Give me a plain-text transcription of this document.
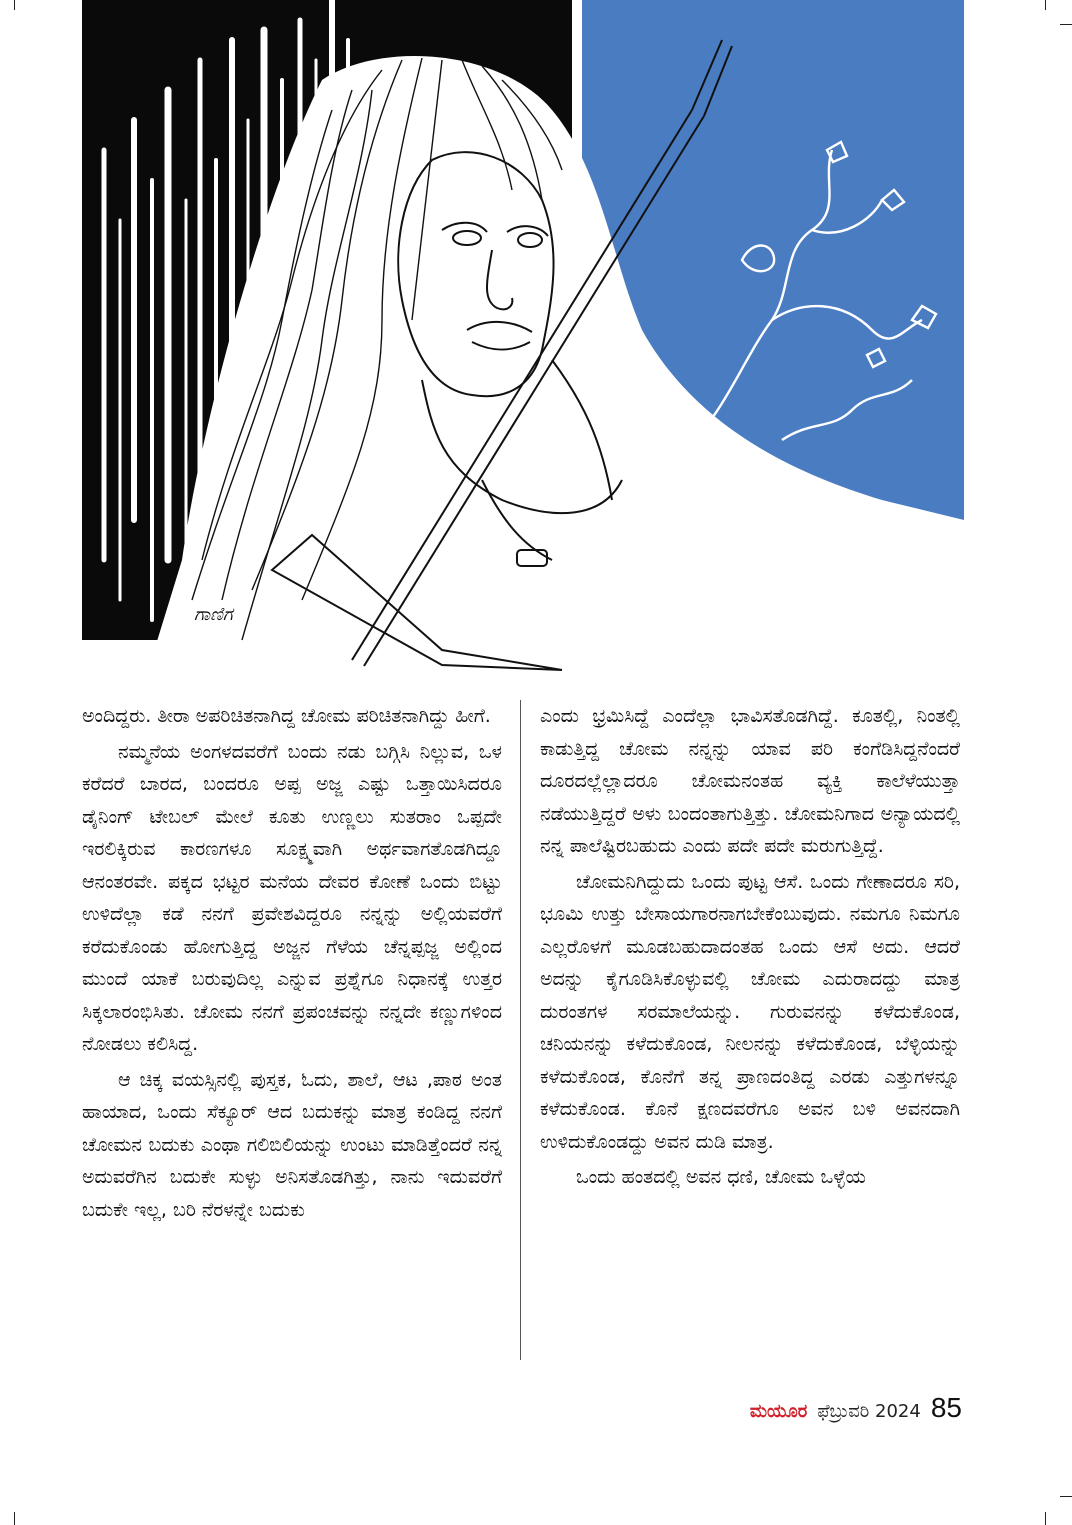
ಗಾಣಿಗ

ಅಂದಿದ್ದರು. ತೀರಾ ಅಪರಿಚಿತನಾಗಿದ್ದ ಚೋಮ ಪರಿಚಿತನಾಗಿದ್ದು ಹೀಗೆ.

ನಮ್ಮನೆಯ ಅಂಗಳದವರೆಗೆ ಬಂದು ನಡು ಬಗ್ಗಿಸಿ ನಿಲ್ಲುವ, ಒಳ ಕರೆದರೆ ಬಾರದ, ಬಂದರೂ ಅಪ್ಪ ಅಜ್ಜ ಎಷ್ಟು ಒತ್ತಾಯಿಸಿದರೂ ಡೈನಿಂಗ್ ಟೇಬಲ್ ಮೇಲೆ ಕೂತು ಉಣ್ಣಲು ಸುತರಾಂ ಒಪ್ಪದೇ ಇರಲಿಕ್ಕಿರುವ ಕಾರಣಗಳೂ ಸೂಕ್ಷ್ಮವಾಗಿ ಅರ್ಥವಾಗತೊಡಗಿದ್ದೂ ಆನಂತರವೇ. ಪಕ್ಕದ ಭಟ್ಟರ ಮನೆಯ ದೇವರ ಕೋಣೆ ಒಂದು ಬಿಟ್ಟು ಉಳಿದೆಲ್ಲಾ ಕಡೆ ನನಗೆ ಪ್ರವೇಶವಿದ್ದರೂ ನನ್ನನ್ನು ಅಲ್ಲಿಯವರೆಗೆ ಕರೆದುಕೊಂಡು ಹೋಗುತ್ತಿದ್ದ ಅಜ್ಜನ ಗೆಳೆಯ ಚೆನ್ನಪ್ಪಜ್ಜ ಅಲ್ಲಿಂದ ಮುಂದೆ ಯಾಕೆ ಬರುವುದಿಲ್ಲ ಎನ್ನುವ ಪ್ರಶ್ನೆಗೂ ನಿಧಾನಕ್ಕೆ ಉತ್ತರ ಸಿಕ್ಕಲಾರಂಭಿಸಿತು. ಚೋಮ ನನಗೆ ಪ್ರಪಂಚವನ್ನು ನನ್ನದೇ ಕಣ್ಣುಗಳಿಂದ ನೋಡಲು ಕಲಿಸಿದ್ದ.

ಆ ಚಿಕ್ಕ ವಯಸ್ಸಿನಲ್ಲಿ ಪುಸ್ತಕ, ಓದು, ಶಾಲೆ, ಆಟ ,ಪಾಠ ಅಂತ ಹಾಯಾದ, ಒಂದು ಸೆಕ್ಯೂರ್ ಆದ ಬದುಕನ್ನು ಮಾತ್ರ ಕಂಡಿದ್ದ ನನಗೆ ಚೋಮನ ಬದುಕು ಎಂಥಾ ಗಲಿಬಿಲಿಯನ್ನು ಉಂಟು ಮಾಡಿತ್ತೆಂದರೆ ನನ್ನ ಅದುವರೆಗಿನ ಬದುಕೇ ಸುಳ್ಳು ಅನಿಸತೊಡಗಿತ್ತು, ನಾನು ಇದುವರೆಗೆ ಬದುಕೇ ಇಲ್ಲ, ಬರಿ ನೆರಳನ್ನೇ ಬದುಕು

ಎಂದು ಭ್ರಮಿಸಿದ್ದೆ ಎಂದೆಲ್ಲಾ ಭಾವಿಸತೊಡಗಿದ್ದೆ. ಕೂತಲ್ಲಿ, ನಿಂತಲ್ಲಿ ಕಾಡುತ್ತಿದ್ದ ಚೋಮ ನನ್ನನ್ನು ಯಾವ ಪರಿ ಕಂಗೆಡಿಸಿದ್ದನೆಂದರೆ ದೂರದಲ್ಲೆಲ್ಲಾದರೂ ಚೋಮನಂತಹ ವ್ಯಕ್ತಿ ಕಾಲೆಳೆಯುತ್ತಾ ನಡೆಯುತ್ತಿದ್ದರೆ ಅಳು ಬಂದಂತಾಗುತ್ತಿತ್ತು. ಚೋಮನಿಗಾದ ಅನ್ಯಾಯದಲ್ಲಿ ನನ್ನ ಪಾಲೆಷ್ಟಿರಬಹುದು ಎಂದು ಪದೇ ಪದೇ ಮರುಗುತ್ತಿದ್ದೆ.

ಚೋಮನಿಗಿದ್ದುದು ಒಂದು ಪುಟ್ಟ ಆಸೆ. ಒಂದು ಗೇಣಾದರೂ ಸರಿ, ಭೂಮಿ ಉತ್ತು ಬೇಸಾಯಗಾರನಾಗಬೇಕೆಂಬುವುದು. ನಮಗೂ ನಿಮಗೂ ಎಲ್ಲರೊಳಗೆ ಮೂಡಬಹುದಾದಂತಹ ಒಂದು ಆಸೆ ಅದು. ಆದರೆ ಅದನ್ನು ಕೈಗೂಡಿಸಿಕೊಳ್ಳುವಲ್ಲಿ ಚೋಮ ಎದುರಾದದ್ದು ಮಾತ್ರ ದುರಂತಗಳ ಸರಮಾಲೆಯನ್ನು. ಗುರುವನನ್ನು ಕಳೆದುಕೊಂಡ, ಚನಿಯನನ್ನು ಕಳೆದುಕೊಂಡ, ನೀಲನನ್ನು ಕಳೆದುಕೊಂಡ, ಬೆಳ್ಳಿಯನ್ನು ಕಳೆದುಕೊಂಡ, ಕೊನೆಗೆ ತನ್ನ ಪ್ರಾಣದಂತಿದ್ದ ಎರಡು ಎತ್ತುಗಳನ್ನೂ ಕಳೆದುಕೊಂಡ. ಕೊನೆ ಕ್ಷಣದವರೆಗೂ ಅವನ ಬಳಿ ಅವನದಾಗಿ ಉಳಿದುಕೊಂಡದ್ದು ಅವನ ದುಡಿ ಮಾತ್ರ.

ಒಂದು ಹಂತದಲ್ಲಿ ಅವನ ಧಣಿ, ಚೋಮ ಒಳ್ಳೆಯ

ಮಯೂರ ಫೆಬ್ರುವರಿ 2024 85
